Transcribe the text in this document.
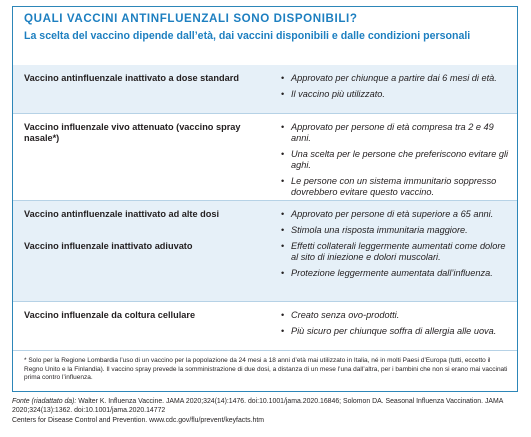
QUALI VACCINI ANTINFLUENZALI SONO DISPONIBILI?
La scelta del vaccino dipende dall’età, dai vaccini disponibili e dalle condizioni personali
Vaccino antinfluenzale inattivato a dose standard	• Approvato per chiunque a partire dai 6 mesi di età.
• Il vaccino più utilizzato.
Vaccino influenzale vivo attenuato (vaccino spray nasale*)
• Approvato per persone di età compresa tra 2 e 49 anni.
• Una scelta per le persone che preferiscono evitare gli aghi.
• Le persone con un sistema immunitario soppresso dovrebbero evitare questo vaccino.
Vaccino antinfluenzale inattivato ad alte dosi
Vaccino influenzale inattivato adiuvato
• Approvato per persone di età superiore a 65 anni.
• Stimola una risposta immunitaria maggiore.
• Effetti collaterali leggermente aumentati come dolore al sito di iniezione e dolori muscolari.
• Protezione leggermente aumentata dall’influenza.
Vaccino influenzale da coltura cellulare	• Creato senza ovo-prodotti.
• Più sicuro per chiunque soffra di allergia alle uova.
* Solo per la Regione Lombardia l’uso di un vaccino per la popolazione da 24 mesi a 18 anni d’età mai utilizzato in Italia, né in molti Paesi d’Europa (tutti, eccetto il Regno Unito e la Finlandia). Il vaccino spray prevede la somministrazione di due dosi, a distanza di un mese l’una dall’altra, per i bambini che non si erano mai vaccinati prima contro l’influenza.
Fonte (riadattato da): Walter K. Influenza Vaccine. JAMA 2020;324(14):1476. doi:10.1001/jama.2020.16846; Solomon DA. Seasonal Influenza Vaccination. JAMA 2020;324(13):1362. doi:10.1001/jama.2020.14772
Centers for Disease Control and Prevention. www.cdc.gov/flu/prevent/keyfacts.htm
